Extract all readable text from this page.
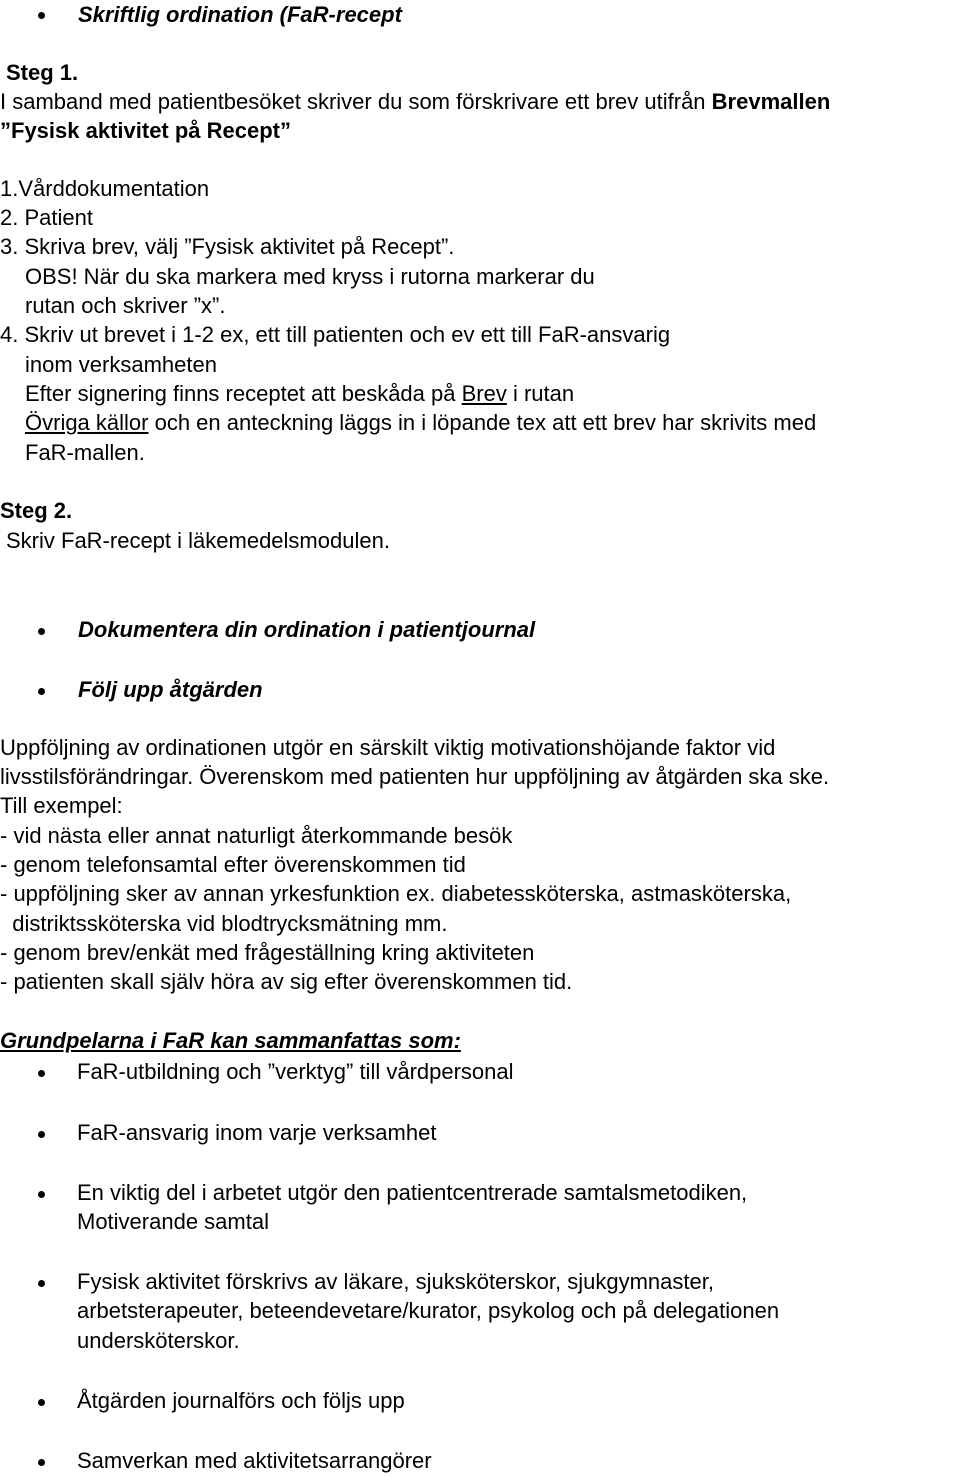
Skriftlig ordination (FaR-recept
Steg 1.
I samband med patientbesöket skriver du som förskrivare ett brev utifrån Brevmallen
”Fysisk aktivitet på Recept”
1.Vårddokumentation
2. Patient
3. Skriva brev, välj ”Fysisk aktivitet på Recept”.
OBS! När du ska markera med kryss i rutorna markerar du
rutan och skriver ”x”.
4. Skriv ut brevet i 1-2 ex, ett till patienten och ev ett till FaR-ansvarig
inom verksamheten
Efter signering finns receptet att beskåda på Brev i rutan
Övriga källor och en anteckning läggs in i löpande tex att ett brev har skrivits med
FaR-mallen.
Steg 2.
Skriv FaR-recept i läkemedelsmodulen.
Dokumentera din ordination i patientjournal
Följ upp åtgärden
Uppföljning av ordinationen utgör en särskilt viktig motivationshöjande faktor vid
livsstilsförändringar. Överenskom med patienten hur uppföljning av åtgärden ska ske.
Till exempel:
- vid nästa eller annat naturligt återkommande besök
- genom telefonsamtal efter överenskommen tid
- uppföljning sker av annan yrkesfunktion ex. diabetessköterska, astmasköterska,
distriktssköterska vid blodtrycksmätning mm.
- genom brev/enkät med frågeställning kring aktiviteten
- patienten skall själv höra av sig efter överenskommen tid.
Grundpelarna i FaR kan sammanfattas som:
FaR-utbildning och ”verktyg” till vårdpersonal
FaR-ansvarig inom varje verksamhet
En viktig del i arbetet utgör den patientcentrerade samtalsmetodiken,
Motiverande samtal
Fysisk aktivitet förskrivs av läkare, sjuksköterskor, sjukgymnaster,
arbetsterapeuter, beteendevetare/kurator, psykolog och på delegationen
undersköterskor.
Åtgärden journalförs och följs upp
Samverkan med aktivitetsarrangörer
